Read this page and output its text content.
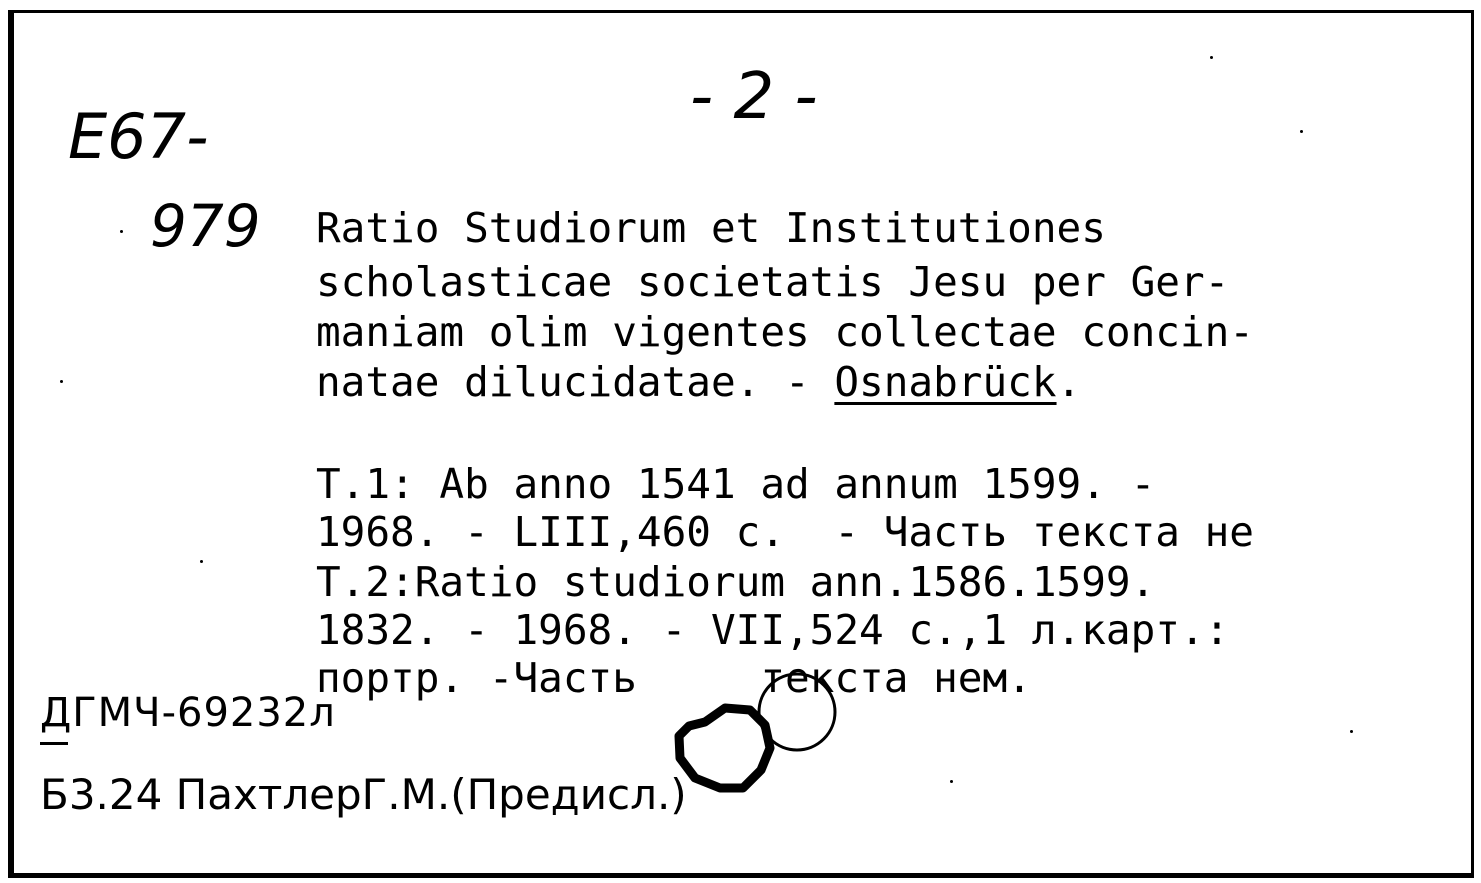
- 2 -
E67-
979 Ratio Studiorum et Institutiones
scholasticae societatis Jesu per Ger-
maniam olim vigentes collectae concin-
natae dilucidatae. - Osnabrück.
T.1: Ab anno 1541 ad annum 1599. -
1968. - LIII,460 c.  - Часть текста не
T.2:Ratio studiorum ann.1586.1599.
1832. - 1968. - VII,524 c.,1 л.карт.:
портр. -Часть     текста нем.
ДГМЧ-69232л
Б3.24 ПахтлерГ.М.(Предисл.)
